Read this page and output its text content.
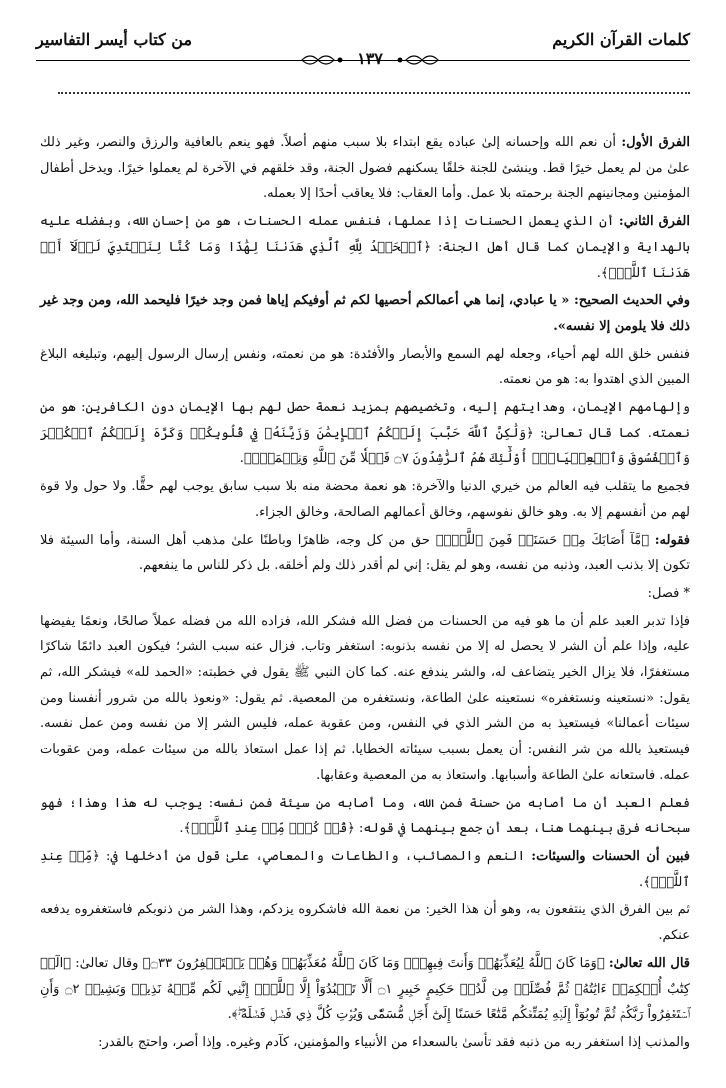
كلمات القرآن الكريم
من كتاب أيسر التفاسير
١٣٧

الفرق الأول: أن نعم الله وإحسانه إلىٰ عباده يقع ابتداء بلا سبب منهم أصلاً. فهو ينعم بالعافية والرزق والنصر، وغير ذلك علىٰ من لم يعمل خيرًا قط. وينشئ للجنة خلقًا يسكنهم فضول الجنة، وقد خلقهم في الآخرة لم يعملوا خيرًا. ويدخل أطفال المؤمنين ومجانينهم الجنة برحمته بلا عمل. وأما العقاب: فلا يعاقب أحدًا إلا بعمله.

الفرق الثاني: أن الذي يعمل الحسنات إذا عملها، فنفس عمله الحسنات، هو من إحسان الله، وبفضله عليه بالهداية والإيمان كما قال أهل الجنة: ﴿ٱلۡحَمۡدُ لِلَّهِ ٱلَّذِي هَدَىٰنَا لِهَٰذَا وَمَا كُنَّا لِنَهۡتَدِيَ لَوۡلَآ أَنۡ هَدَىٰنَا ٱللَّهُۖ﴾.

وفي الحديث الصحيح: « يا عبادي، إنما هي أعمالكم أحصيها لكم ثم أوفيكم إياها فمن وجد خيرًا فليحمد الله، ومن وجد غير ذلك فلا يلومن إلا نفسه».

فنفس خلق الله لهم أحياء، وجعله لهم السمع والأبصار والأفئدة: هو من نعمته، ونفس إرسال الرسول إليهم، وتبليغه البلاغ المبين الذي اهتدوا به: هو من نعمته.

وإلهامهم الإيمان، وهدايتهم إليه، وتخصيصهم بمزيد نعمة حصل لهم بها الإيمان دون الكافرين: هو من نعمته. كما قال تعالىٰ: ﴿وَلَٰكِنَّ ٱللَّهَ حَبَّبَ إِلَيۡكُمُ ٱلۡإِيمَٰنَ وَزَيَّنَهُۥ فِي قُلُوبِكُمۡ وَكَرَّهَ إِلَيۡكُمُ ٱلۡكُفۡرَ وَٱلۡفُسُوقَ وَٱلۡعِصۡيَانَۚ أُوْلَٰٓئِكَ هُمُ ٱلرَّٰشِدُونَ ۝٧ فَضۡلٗا مِّنَ ٱللَّهِ وَنِعۡمَةٗۚ﴾.

فجميع ما يتقلب فيه العالم من خيري الدنيا والآخرة: هو نعمة محضة منه بلا سبب سابق يوجب لهم حقًّا. ولا حول ولا قوة لهم من أنفسهم إلا به. وهو خالق نفوسهم، وخالق أعمالهم الصالحة، وخالق الجزاء.

فقوله: ﴿مَّآ أَصَابَكَ مِنۡ حَسَنَةٖ فَمِنَ ٱللَّهِۖ﴾ حق من كل وجه، ظاهرًا وباطنًا علىٰ مذهب أهل السنة، وأما السيئة فلا تكون إلا بذنب العبد، وذنبه من نفسه، وهو لم يقل: إني لم أقدر ذلك ولم أخلقه. بل ذكر للناس ما ينفعهم.

* فصل:

فإذا تدبر العبد علم أن ما هو فيه من الحسنات من فضل الله فشكر الله، فزاده الله من فضله عملاً صالحًا، ونعمًا يفيضها عليه، وإذا علم أن الشر لا يحصل له إلا من نفسه بذنوبه: استغفر وتاب. فزال عنه سبب الشر؛ فيكون العبد دائمًا شاكرًا مستغفرًا، فلا يزال الخير يتضاعف له، والشر يندفع عنه. كما كان النبي ﷺ يقول في خطبته: «الحمد لله» فيشكر الله، ثم يقول: «نستعينه ونستغفره» نستعينه علىٰ الطاعة، ونستغفره من المعصية. ثم يقول: «ونعوذ بالله من شرور أنفسنا ومن سيئات أعمالنا» فيستعيذ به من الشر الذي في النفس، ومن عقوبة عمله، فليس الشر إلا من نفسه ومن عمل نفسه. فيستعيذ بالله من شر النفس: أن يعمل بسبب سيئاته الخطايا. ثم إذا عمل استعاذ بالله من سيئات عمله، ومن عقوبات عمله. فاستعانه علىٰ الطاعة وأسبابها. واستعاذ به من المعصية وعقابها.

فعلم العبد أن ما أصابه من حسنة فمن الله، وما أصابه من سيئة فمن نفسه: يوجب له هذا وهذا؛ فهو سبحانه فرق بينهما هنا، بعد أن جمع بينهما في قوله: ﴿قُلۡ كُلّٞ مِّنۡ عِندِ ٱللَّهِۖ﴾.

فبين أن الحسنات والسيئات: النعم والمصائب، والطاعات والمعاصي، علىٰ قول من أدخلها في: ﴿مِّنۡ عِندِ ٱللَّهِۖ﴾.

ثم بين الفرق الذي ينتفعون به، وهو أن هذا الخير: من نعمة الله فاشكروه يزدكم، وهذا الشر من ذنوبكم فاستغفروه يدفعه عنكم.

قال الله تعالىٰ: ﴿وَمَا كَانَ ٱللَّهُ لِيُعَذِّبَهُمۡ وَأَنتَ فِيهِمۡۚ وَمَا كَانَ ٱللَّهُ مُعَذِّبَهُمۡ وَهُمۡ يَسۡتَغۡفِرُونَ ۝٣٣﴾ وقال تعالىٰ: ﴿الٓرۚ كِتَٰبٌ أُحۡكِمَتۡ ءَايَٰتُهُۥ ثُمَّ فُصِّلَتۡ مِن لَّدُنۡ حَكِيمٍ خَبِيرٍ ۝١ أَلَّا تَعۡبُدُوٓاْ إِلَّا ٱللَّهَۚ إِنَّنِي لَكُم مِّنۡهُ نَذِيرٞ وَبَشِيرٞ ۝٢ وَأَنِ ٱسۡتَغۡفِرُواْ رَبَّكُمۡ ثُمَّ تُوبُوٓاْ إِلَيۡهِ يُمَتِّعۡكُم مَّتَٰعًا حَسَنًا إِلَىٰٓ أَجَلٖ مُّسَمّٗى وَيُؤۡتِ كُلَّ ذِي فَضۡلٖ فَضۡلَهُۥۖ﴾.

والمذنب إذا استغفر ربه من ذنبه فقد تأسىٰ بالسعداء من الأنبياء والمؤمنين، كآدم وغيره. وإذا أصر، واحتج بالقدر:
